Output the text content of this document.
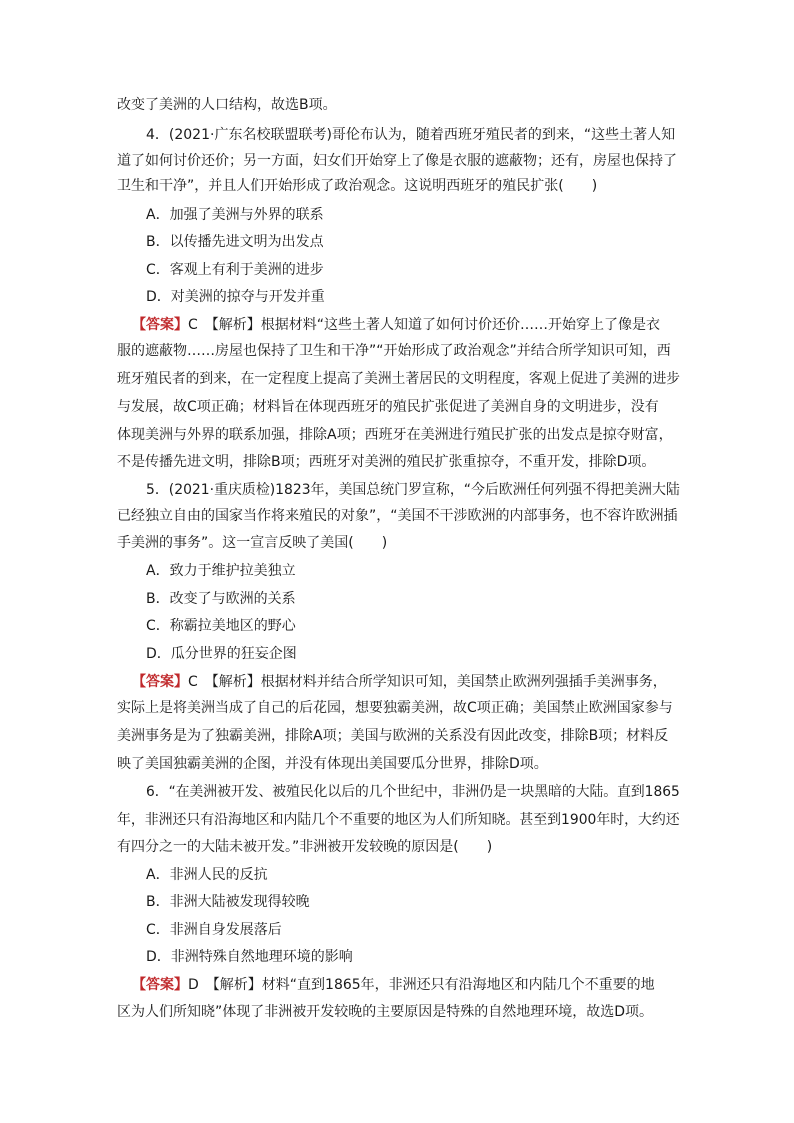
改变了美洲的人口结构，故选B项。
4．(2021·广东名校联盟联考)哥伦布认为，随着西班牙殖民者的到来，“这些土著人知
道了如何讨价还价；另一方面，妇女们开始穿上了像是衣服的遮蔽物；还有，房屋也保持了
卫生和干净”，并且人们开始形成了政治观念。这说明西班牙的殖民扩张(　　)
A．加强了美洲与外界的联系
B．以传播先进文明为出发点
C．客观上有利于美洲的进步
D．对美洲的掠夺与开发并重
【答案】C　【解析】根据材料“这些土著人知道了如何讨价还价……开始穿上了像是衣
服的遮蔽物……房屋也保持了卫生和干净”“开始形成了政治观念”并结合所学知识可知，西
班牙殖民者的到来，在一定程度上提高了美洲土著居民的文明程度，客观上促进了美洲的进步
与发展，故C项正确；材料旨在体现西班牙的殖民扩张促进了美洲自身的文明进步，没有
体现美洲与外界的联系加强，排除A项；西班牙在美洲进行殖民扩张的出发点是掠夺财富，
不是传播先进文明，排除B项；西班牙对美洲的殖民扩张重掠夺，不重开发，排除D项。
5．(2021·重庆质检)1823年，美国总统门罗宣称，“今后欧洲任何列强不得把美洲大陆
已经独立自由的国家当作将来殖民的对象”，“美国不干涉欧洲的内部事务，也不容许欧洲插
手美洲的事务”。这一宣言反映了美国(　　)
A．致力于维护拉美独立
B．改变了与欧洲的关系
C．称霸拉美地区的野心
D．瓜分世界的狂妄企图
【答案】C　【解析】根据材料并结合所学知识可知，美国禁止欧洲列强插手美洲事务，
实际上是将美洲当成了自己的后花园，想要独霸美洲，故C项正确；美国禁止欧洲国家参与
美洲事务是为了独霸美洲，排除A项；美国与欧洲的关系没有因此改变，排除B项；材料反
映了美国独霸美洲的企图，并没有体现出美国要瓜分世界，排除D项。
6．“在美洲被开发、被殖民化以后的几个世纪中，非洲仍是一块黑暗的大陆。直到1865
年，非洲还只有沿海地区和内陆几个不重要的地区为人们所知晓。甚至到1900年时，大约还
有四分之一的大陆未被开发。”非洲被开发较晚的原因是(　　)
A．非洲人民的反抗
B．非洲大陆被发现得较晚
C．非洲自身发展落后
D．非洲特殊自然地理环境的影响
【答案】D　【解析】材料“直到1865年，非洲还只有沿海地区和内陆几个不重要的地
区为人们所知晓”体现了非洲被开发较晚的主要原因是特殊的自然地理环境，故选D项。
